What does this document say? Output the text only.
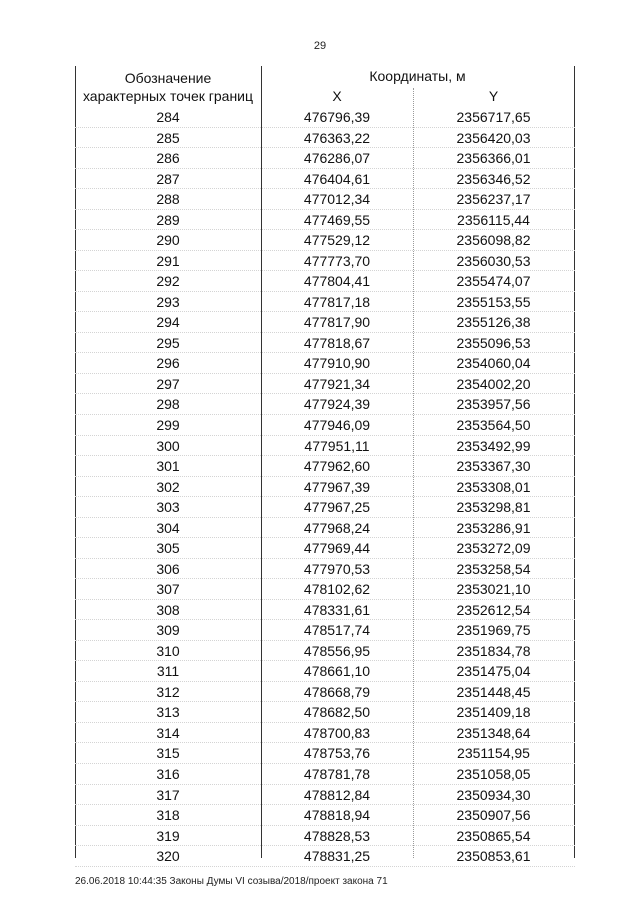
29
Обозначение
характерных точек границ
Координаты, м
X	Y
284	476796,39	2356717,65
285	476363,22	2356420,03
286	476286,07	2356366,01
287	476404,61	2356346,52
288	477012,34	2356237,17
289	477469,55	2356115,44
290	477529,12	2356098,82
291	477773,70	2356030,53
292	477804,41	2355474,07
293	477817,18	2355153,55
294	477817,90	2355126,38
295	477818,67	2355096,53
296	477910,90	2354060,04
297	477921,34	2354002,20
298	477924,39	2353957,56
299	477946,09	2353564,50
300	477951,11	2353492,99
301	477962,60	2353367,30
302	477967,39	2353308,01
303	477967,25	2353298,81
304	477968,24	2353286,91
305	477969,44	2353272,09
306	477970,53	2353258,54
307	478102,62	2353021,10
308	478331,61	2352612,54
309	478517,74	2351969,75
310	478556,95	2351834,78
311	478661,10	2351475,04
312	478668,79	2351448,45
313	478682,50	2351409,18
314	478700,83	2351348,64
315	478753,76	2351154,95
316	478781,78	2351058,05
317	478812,84	2350934,30
318	478818,94	2350907,56
319	478828,53	2350865,54
320	478831,25	2350853,61
26.06.2018 10:44:35 Законы Думы VI созыва/2018/проект закона 71
